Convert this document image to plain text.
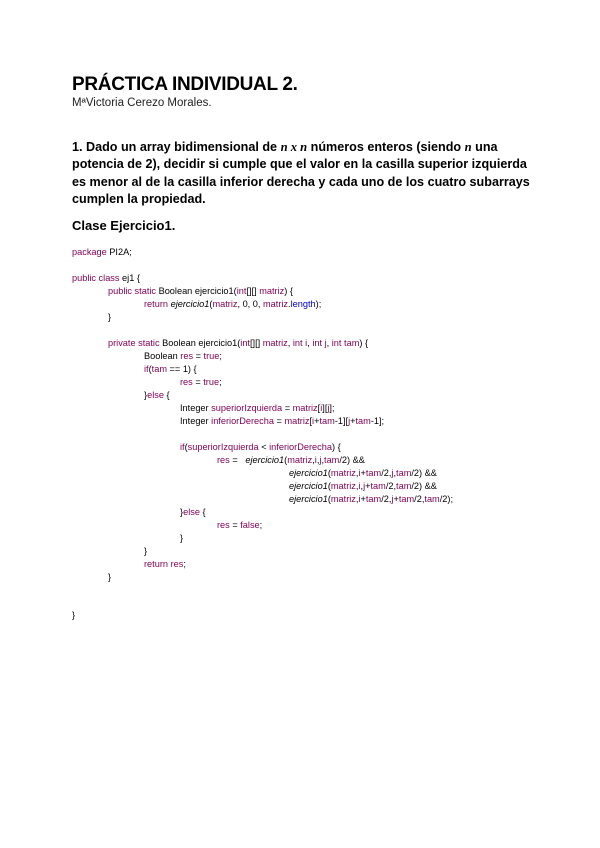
PRÁCTICA INDIVIDUAL 2.
MªVictoria Cerezo Morales.
1. Dado un array bidimensional de n x n números enteros (siendo n una potencia de 2), decidir si cumple que el valor en la casilla superior izquierda es menor al de la casilla inferior derecha y cada uno de los cuatro subarrays cumplen la propiedad.
Clase Ejercicio1.
package PI2A;
public class ej1 {
public static Boolean ejercicio1(int[][] matriz) {
return ejercicio1(matriz, 0, 0, matriz.length);
}
private static Boolean ejercicio1(int[][] matriz, int i, int j, int tam) {
Boolean res = true;
if(tam == 1) {
res = true;
}else {
Integer superiorIzquierda = matriz[i][j];
Integer inferiorDerecha = matriz[i+tam-1][j+tam-1];
if(superiorIzquierda < inferiorDerecha) {
res =   ejercicio1(matriz,i,j,tam/2) &&
ejercicio1(matriz,i+tam/2,j,tam/2) &&
ejercicio1(matriz,i,j+tam/2,tam/2) &&
ejercicio1(matriz,i+tam/2,j+tam/2,tam/2);
}else {
res = false;
}
}
return res;
}
}
